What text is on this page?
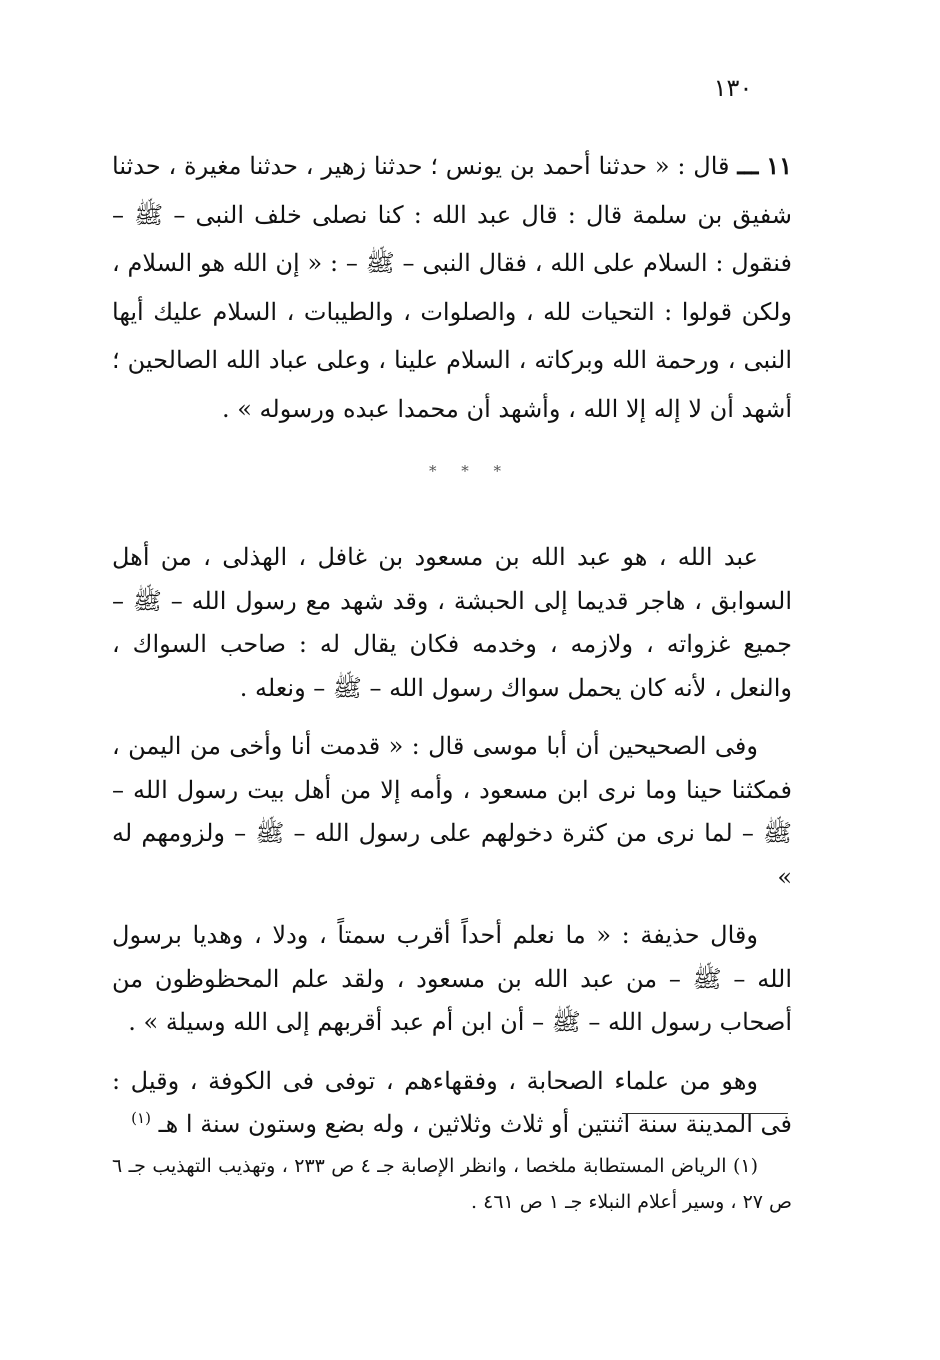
١٣٠
١١ ـــ قال : « حدثنا أحمد بن يونس ؛ حدثنا زهير ، حدثنا مغيرة ، حدثنا شفيق بن سلمة قال : قال عبد الله : كنا نصلى خلف النبى – ﷺ – فنقول : السلام على الله ، فقال النبى – ﷺ – : « إن الله هو السلام ، ولكن قولوا : التحيات لله ، والصلوات ، والطيبات ، السلام عليك أيها النبى ، ورحمة الله وبركاته ، السلام علينا ، وعلى عباد الله الصالحين ؛ أشهد أن لا إله إلا الله ، وأشهد أن محمدا عبده ورسوله » .
* * *

عبد الله ، هو عبد الله بن مسعود بن غافل ، الهذلى ، من أهل السوابق ، هاجر قديما إلى الحبشة ، وقد شهد مع رسول الله – ﷺ – جميع غزواته ، ولازمه ، وخدمه فكان يقال له : صاحب السواك ، والنعل ، لأنه كان يحمل سواك رسول الله – ﷺ – ونعله .

وفى الصحيحين أن أبا موسى قال : « قدمت أنا وأخى من اليمن ، فمكثنا حينا وما نرى ابن مسعود ، وأمه إلا من أهل بيت رسول الله – ﷺ – لما نرى من كثرة دخولهم على رسول الله – ﷺ – ولزومهم له »

وقال حذيفة : « ما نعلم أحداً أقرب سمتاً ، ودلا ، وهديا برسول الله – ﷺ – من عبد الله بن مسعود ، ولقد علم المحظوظون من أصحاب رسول الله – ﷺ – أن ابن أم عبد أقربهم إلى الله وسيلة » .

وهو من علماء الصحابة ، وفقهاءهم ، توفى فى الكوفة ، وقيل : فى المدينة سنة اثنتين أو ثلاث وثلاثين ، وله بضع وستون سنة ا هـ $^{(١)}$

(١) الرياض المستطابة ملخصا ، وانظر الإصابة جـ ٤ ص ٢٣٣ ، وتهذيب التهذيب جـ ٦ ص ٢٧ ، وسير أعلام النبلاء جـ ١ ص ٤٦١ .
